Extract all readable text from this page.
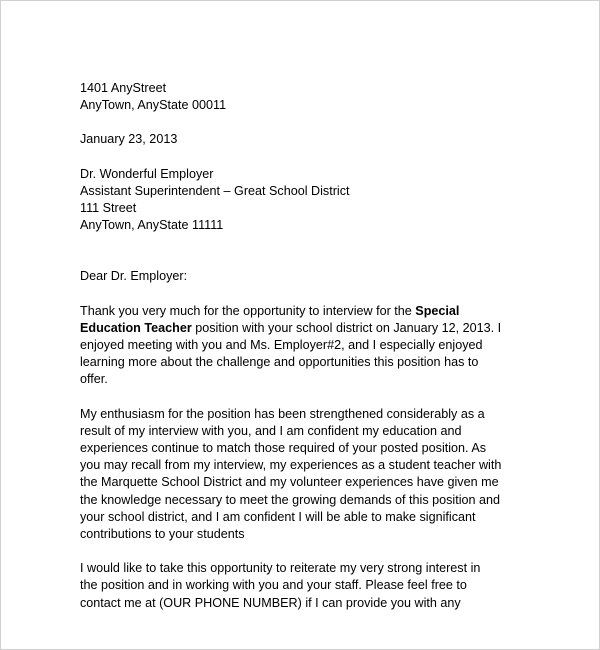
1401 AnyStreet
AnyTown, AnyState 00011
January 23, 2013
Dr. Wonderful Employer
Assistant Superintendent – Great School District
111 Street
AnyTown, AnyState 11111
Dear Dr. Employer:
Thank you very much for the opportunity to interview for the Special
Education Teacher position with your school district on January 12, 2013. I
enjoyed meeting with you and Ms. Employer#2, and I especially enjoyed
learning more about the challenge and opportunities this position has to
offer.
My enthusiasm for the position has been strengthened considerably as a
result of my interview with you, and I am confident my education and
experiences continue to match those required of your posted position. As
you may recall from my interview, my experiences as a student teacher with
the Marquette School District and my volunteer experiences have given me
the knowledge necessary to meet the growing demands of this position and
your school district, and I am confident I will be able to make significant
contributions to your students
I would like to take this opportunity to reiterate my very strong interest in
the position and in working with you and your staff. Please feel free to
contact me at (OUR PHONE NUMBER) if I can provide you with any
